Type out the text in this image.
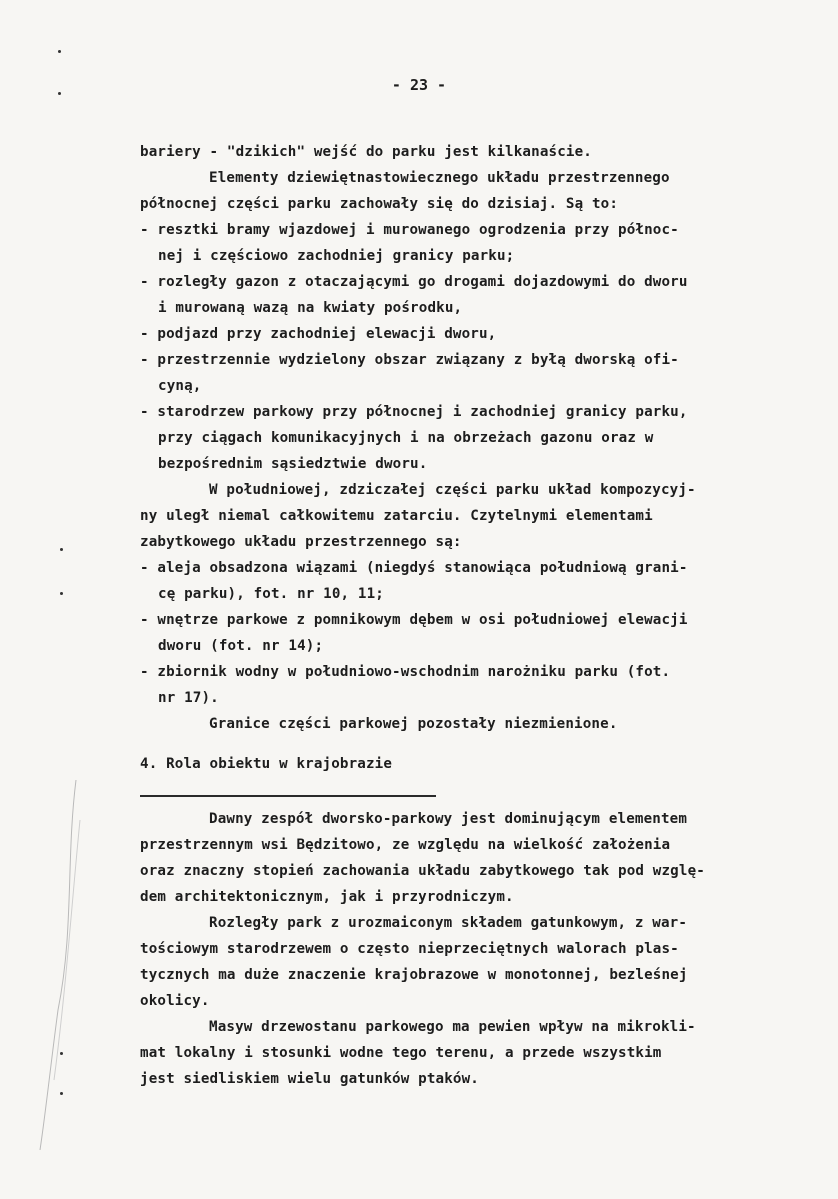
- 23 -
bariery - "dzikich" wejść do parku jest kilkanaście.
Elementy dziewiętnastowiecznego układu przestrzennego
północnej części parku zachowały się do dzisiaj. Są to:
- resztki bramy wjazdowej i murowanego ogrodzenia przy północ-
nej i częściowo zachodniej granicy parku;
- rozległy gazon z otaczającymi go drogami dojazdowymi do dworu
i murowaną wazą na kwiaty pośrodku,
- podjazd przy zachodniej elewacji dworu,
- przestrzennie wydzielony obszar związany z byłą dworską ofi-
cyną,
- starodrzew parkowy przy północnej i zachodniej granicy parku,
przy ciągach komunikacyjnych i na obrzeżach gazonu oraz w
bezpośrednim sąsiedztwie dworu.
W południowej, zdziczałej części parku układ kompozycyj-
ny uległ niemal całkowitemu zatarciu. Czytelnymi elementami
zabytkowego układu przestrzennego są:
- aleja obsadzona wiązami (niegdyś stanowiąca południową grani-
cę parku), fot. nr 10, 11;
- wnętrze parkowe z pomnikowym dębem w osi południowej elewacji
dworu (fot. nr 14);
- zbiornik wodny w południowo-wschodnim narożniku parku (fot.
nr 17).
Granice części parkowej pozostały niezmienione.
4. Rola obiektu w krajobrazie
Dawny zespół dworsko-parkowy jest dominującym elementem
przestrzennym wsi Będzitowo, ze względu na wielkość założenia
oraz znaczny stopień zachowania układu zabytkowego tak pod wzglę-
dem architektonicznym, jak i przyrodniczym.
Rozległy park z urozmaiconym składem gatunkowym, z war-
tościowym starodrzewem o często nieprzeciętnych walorach plas-
tycznych ma duże znaczenie krajobrazowe w monotonnej, bezleśnej
okolicy.
Masyw drzewostanu parkowego ma pewien wpływ na mikrokli-
mat lokalny i stosunki wodne tego terenu, a przede wszystkim
jest siedliskiem wielu gatunków ptaków.
